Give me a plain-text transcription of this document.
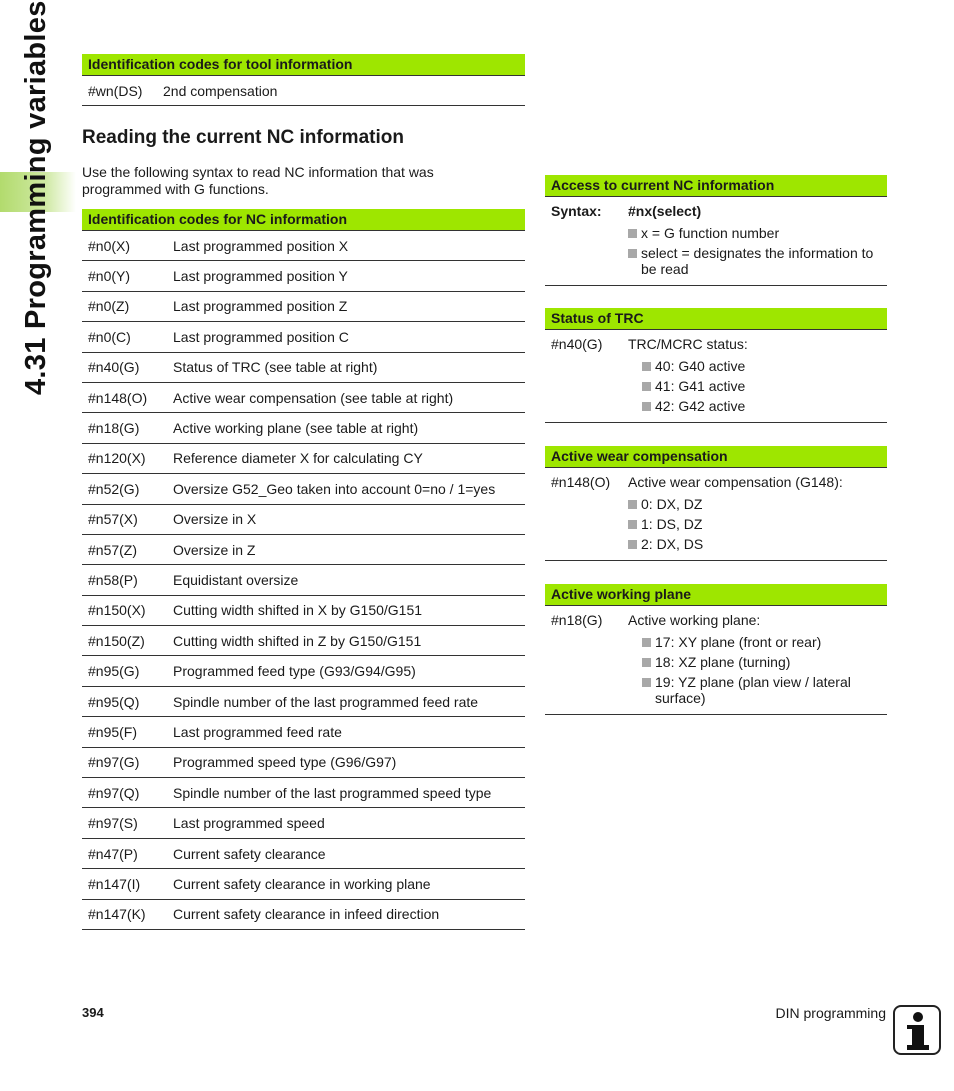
4.31 Programming variables	Identification codes for tool information
#wn(DS)	2nd compensation
Reading the current NC information
Use the following syntax to read NC information that was programmed with G functions.
Identification codes for NC information
#n0(X)	Last programmed position X
#n0(Y)	Last programmed position Y
#n0(Z)	Last programmed position Z
#n0(C)	Last programmed position C
#n40(G)	Status of TRC (see table at right)
#n148(O)	Active wear compensation (see table at right)
#n18(G)	Active working plane (see table at right)
#n120(X)	Reference diameter X for calculating CY
#n52(G)	Oversize G52_Geo taken into account 0=no / 1=yes
#n57(X)	Oversize in X
#n57(Z)	Oversize in Z
#n58(P)	Equidistant oversize
#n150(X)	Cutting width shifted in X by G150/G151
#n150(Z)	Cutting width shifted in Z by G150/G151
#n95(G)	Programmed feed type (G93/G94/G95)
#n95(Q)	Spindle number of the last programmed feed rate
#n95(F)	Last programmed feed rate
#n97(G)	Programmed speed type (G96/G97)
#n97(Q)	Spindle number of the last programmed speed type
#n97(S)	Last programmed speed
#n47(P)	Current safety clearance
#n147(I)	Current safety clearance in working plane
#n147(K)	Current safety clearance in infeed direction
Access to current NC information
Syntax:	#nx(select)
x = G function number
select = designates the information to be read
Status of TRC
#n40(G)	TRC/MCRC status:
40: G40 active
41: G41 active
42: G42 active
Active wear compensation
#n148(O)	Active wear compensation (G148):
0: DX, DZ
1: DS, DZ
2: DX, DS
Active working plane
#n18(G)	Active working plane:
17: XY plane (front or rear)
18: XZ plane (turning)
19: YZ plane (plan view / lateral surface)
394	DIN programming
